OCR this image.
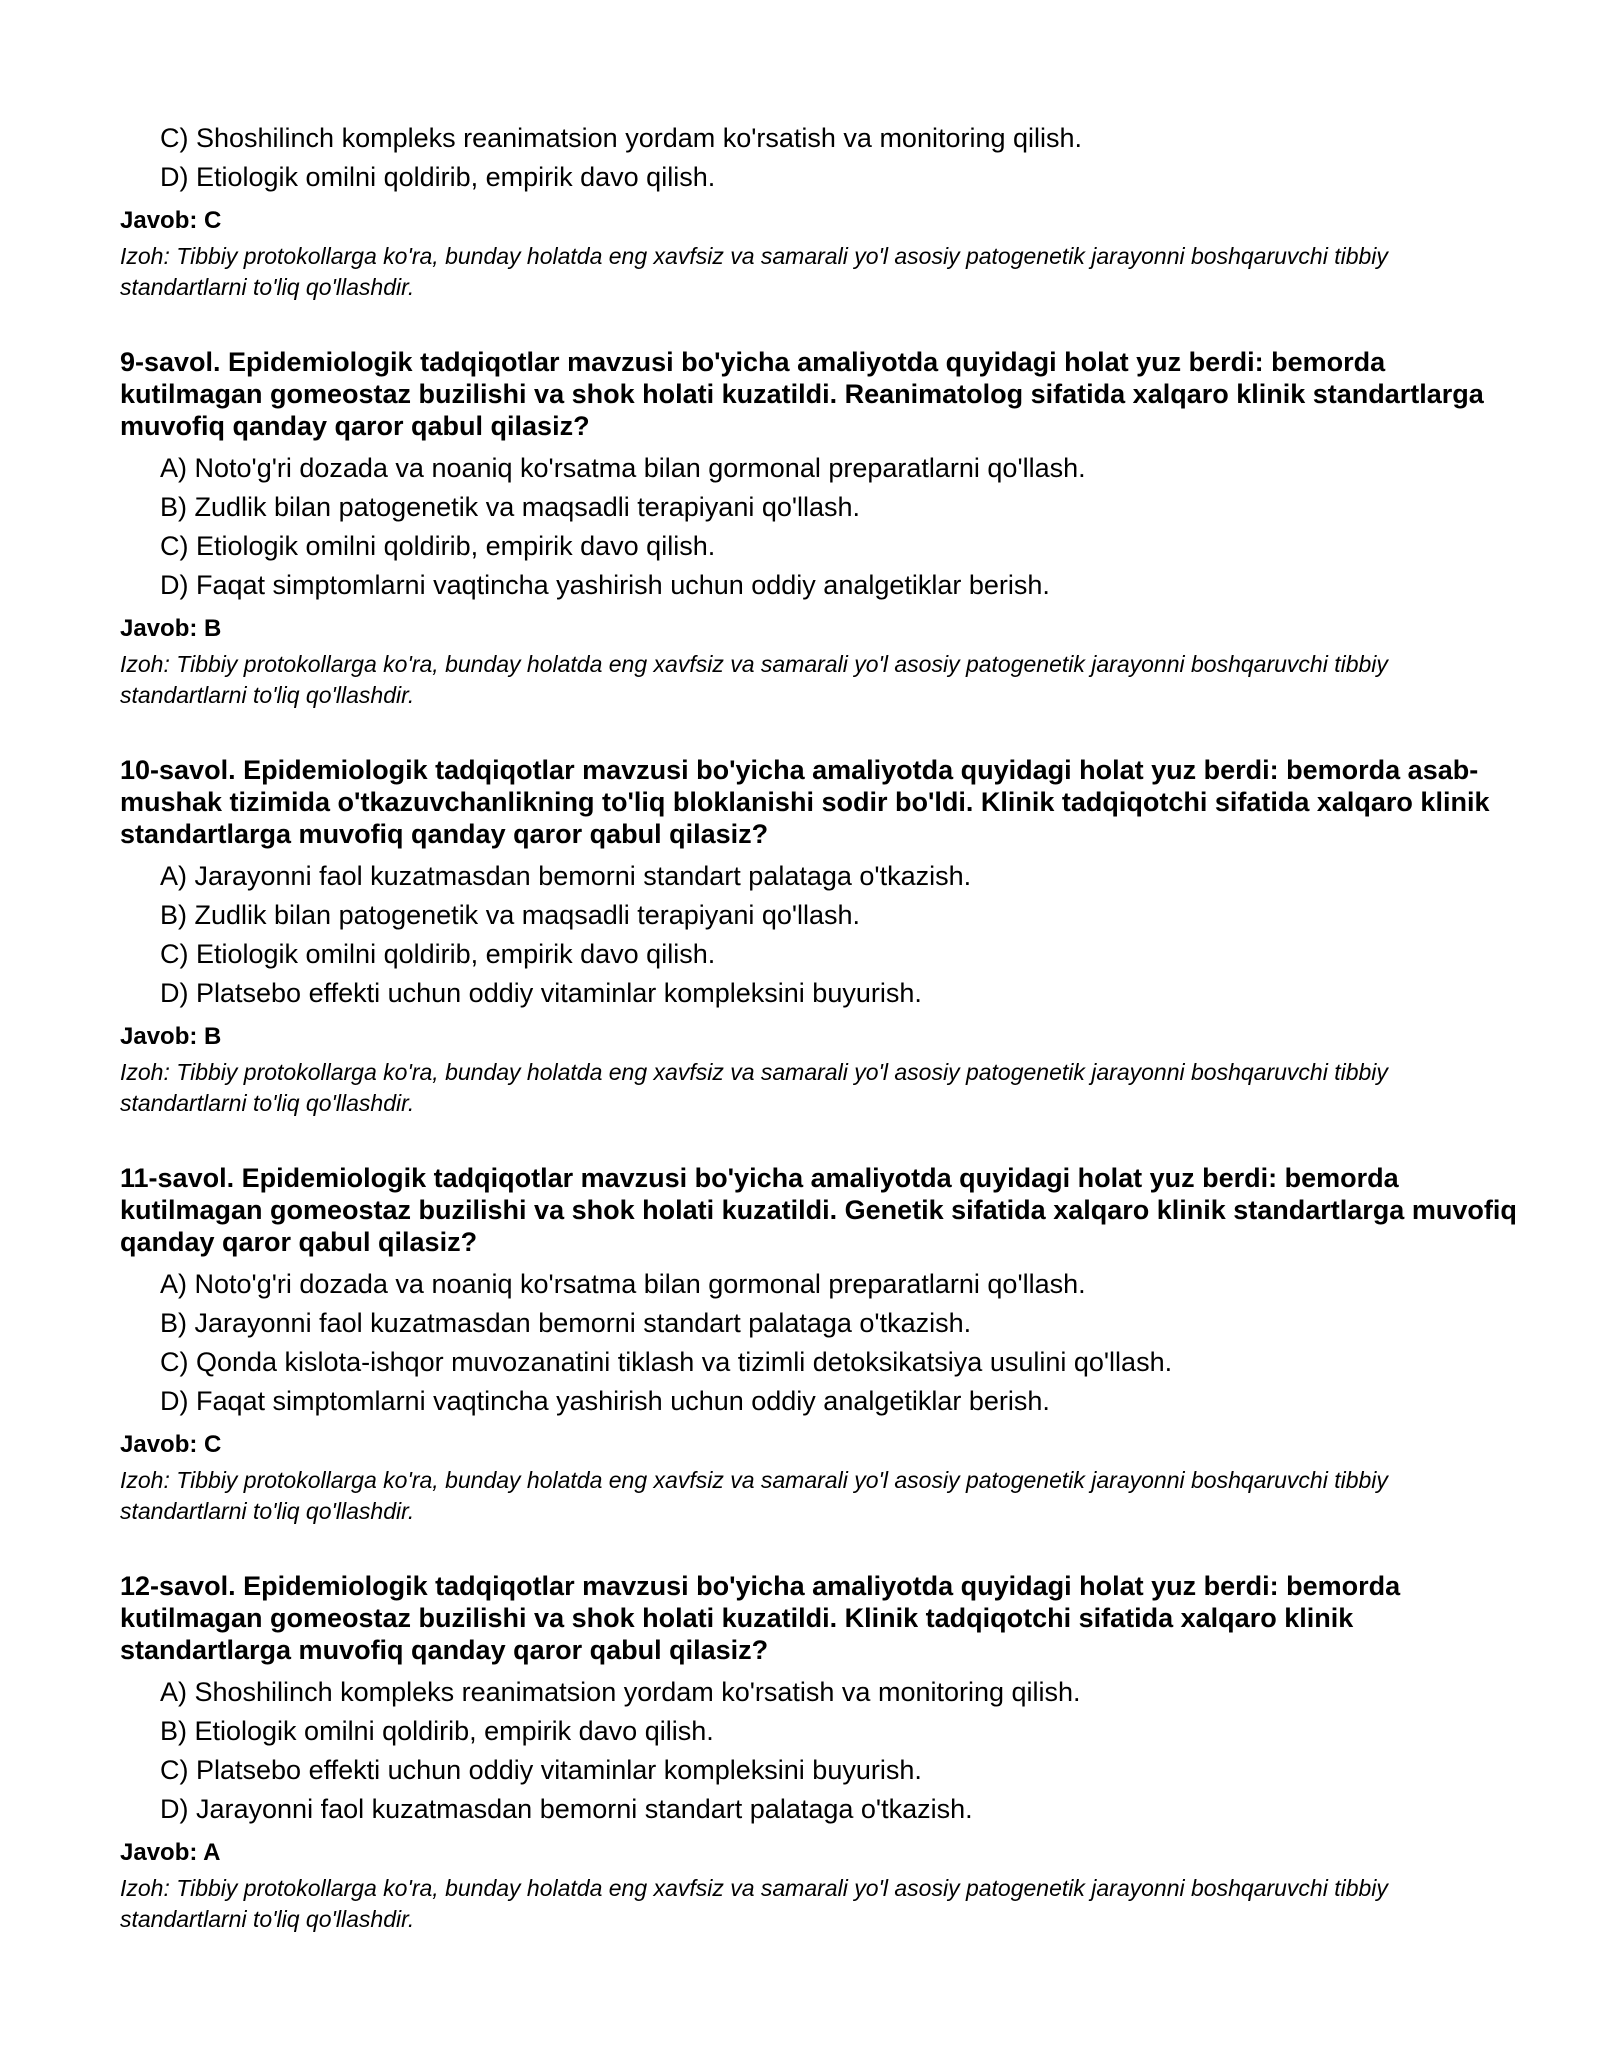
C) Shoshilinch kompleks reanimatsion yordam ko'rsatish va monitoring qilish.
D) Etiologik omilni qoldirib, empirik davo qilish.
Javob: C
Izoh: Tibbiy protokollarga ko'ra, bunday holatda eng xavfsiz va samarali yo'l asosiy patogenetik jarayonni boshqaruvchi tibbiy standartlarni to'liq qo'llashdir.
9-savol. Epidemiologik tadqiqotlar mavzusi bo'yicha amaliyotda quyidagi holat yuz berdi: bemorda kutilmagan gomeostaz buzilishi va shok holati kuzatildi. Reanimatolog sifatida xalqaro klinik standartlarga muvofiq qanday qaror qabul qilasiz?
A) Noto'g'ri dozada va noaniq ko'rsatma bilan gormonal preparatlarni qo'llash.
B) Zudlik bilan patogenetik va maqsadli terapiyani qo'llash.
C) Etiologik omilni qoldirib, empirik davo qilish.
D) Faqat simptomlarni vaqtincha yashirish uchun oddiy analgetiklar berish.
Javob: B
Izoh: Tibbiy protokollarga ko'ra, bunday holatda eng xavfsiz va samarali yo'l asosiy patogenetik jarayonni boshqaruvchi tibbiy standartlarni to'liq qo'llashdir.
10-savol. Epidemiologik tadqiqotlar mavzusi bo'yicha amaliyotda quyidagi holat yuz berdi: bemorda asab-mushak tizimida o'tkazuvchanlikning to'liq bloklanishi sodir bo'ldi. Klinik tadqiqotchi sifatida xalqaro klinik standartlarga muvofiq qanday qaror qabul qilasiz?
A) Jarayonni faol kuzatmasdan bemorni standart palataga o'tkazish.
B) Zudlik bilan patogenetik va maqsadli terapiyani qo'llash.
C) Etiologik omilni qoldirib, empirik davo qilish.
D) Platsebo effekti uchun oddiy vitaminlar kompleksini buyurish.
Javob: B
Izoh: Tibbiy protokollarga ko'ra, bunday holatda eng xavfsiz va samarali yo'l asosiy patogenetik jarayonni boshqaruvchi tibbiy standartlarni to'liq qo'llashdir.
11-savol. Epidemiologik tadqiqotlar mavzusi bo'yicha amaliyotda quyidagi holat yuz berdi: bemorda kutilmagan gomeostaz buzilishi va shok holati kuzatildi. Genetik sifatida xalqaro klinik standartlarga muvofiq qanday qaror qabul qilasiz?
A) Noto'g'ri dozada va noaniq ko'rsatma bilan gormonal preparatlarni qo'llash.
B) Jarayonni faol kuzatmasdan bemorni standart palataga o'tkazish.
C) Qonda kislota-ishqor muvozanatini tiklash va tizimli detoksikatsiya usulini qo'llash.
D) Faqat simptomlarni vaqtincha yashirish uchun oddiy analgetiklar berish.
Javob: C
Izoh: Tibbiy protokollarga ko'ra, bunday holatda eng xavfsiz va samarali yo'l asosiy patogenetik jarayonni boshqaruvchi tibbiy standartlarni to'liq qo'llashdir.
12-savol. Epidemiologik tadqiqotlar mavzusi bo'yicha amaliyotda quyidagi holat yuz berdi: bemorda kutilmagan gomeostaz buzilishi va shok holati kuzatildi. Klinik tadqiqotchi sifatida xalqaro klinik standartlarga muvofiq qanday qaror qabul qilasiz?
A) Shoshilinch kompleks reanimatsion yordam ko'rsatish va monitoring qilish.
B) Etiologik omilni qoldirib, empirik davo qilish.
C) Platsebo effekti uchun oddiy vitaminlar kompleksini buyurish.
D) Jarayonni faol kuzatmasdan bemorni standart palataga o'tkazish.
Javob: A
Izoh: Tibbiy protokollarga ko'ra, bunday holatda eng xavfsiz va samarali yo'l asosiy patogenetik jarayonni boshqaruvchi tibbiy standartlarni to'liq qo'llashdir.
